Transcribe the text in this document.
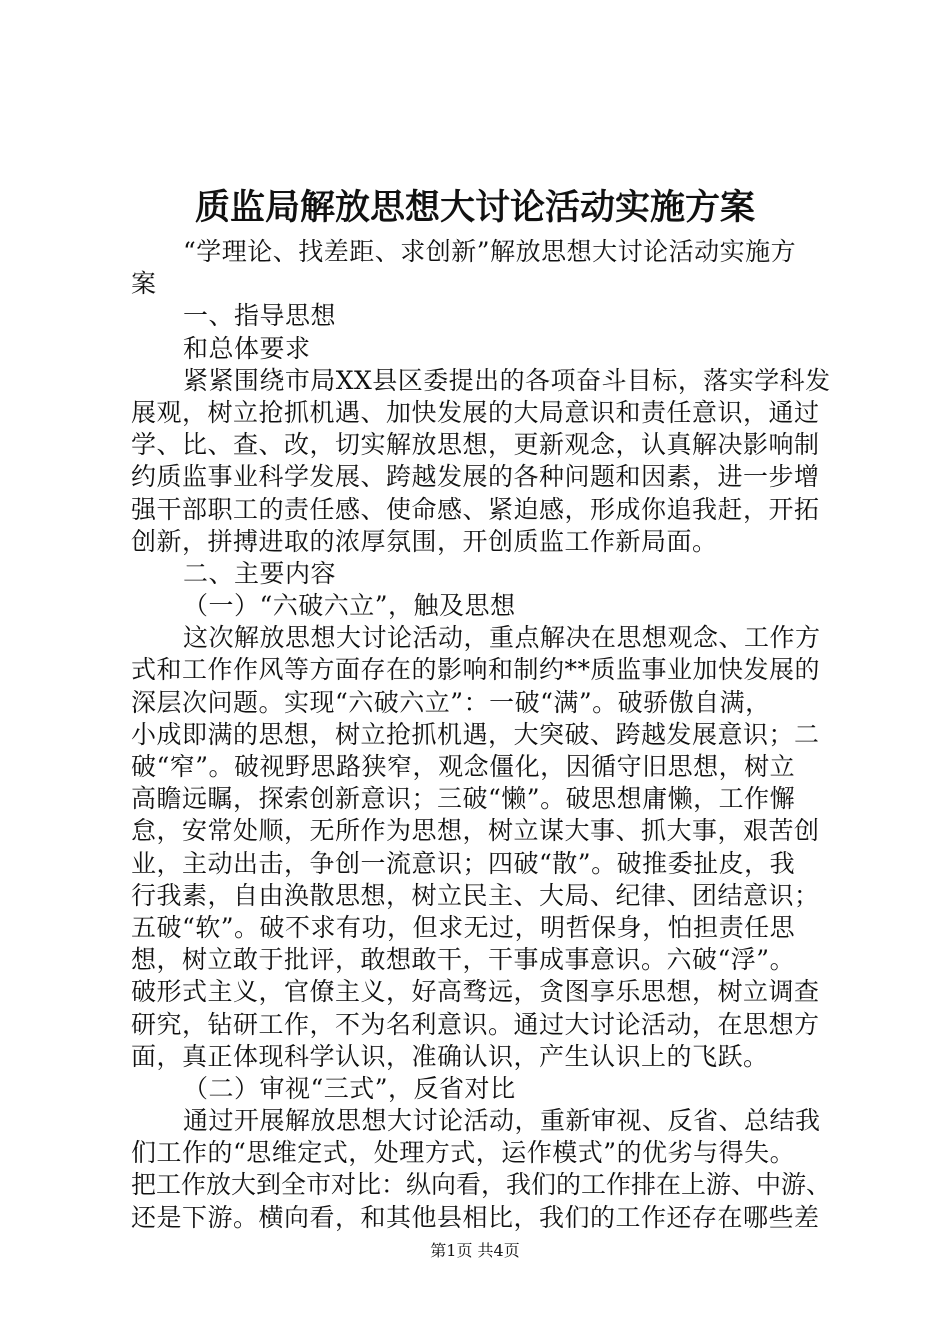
质监局解放思想大讨论活动实施方案
“学理论、找差距、求创新”解放思想大讨论活动实施方
案
一、指导思想
和总体要求
紧紧围绕市局XX县区委提出的各项奋斗目标，落实学科发
展观，树立抢抓机遇、加快发展的大局意识和责任意识，通过
学、比、查、改，切实解放思想，更新观念，认真解决影响制
约质监事业科学发展、跨越发展的各种问题和因素，进一步增
强干部职工的责任感、使命感、紧迫感，形成你追我赶，开拓
创新，拼搏进取的浓厚氛围，开创质监工作新局面。
二、主要内容
（一）“六破六立”，触及思想
这次解放思想大讨论活动，重点解决在思想观念、工作方
式和工作作风等方面存在的影响和制约**质监事业加快发展的
深层次问题。实现“六破六立”：一破“满”。破骄傲自满，
小成即满的思想，树立抢抓机遇，大突破、跨越发展意识；二
破“窄”。破视野思路狭窄，观念僵化，因循守旧思想，树立
高瞻远瞩，探索创新意识；三破“懒”。破思想庸懒，工作懈
怠，安常处顺，无所作为思想，树立谋大事、抓大事，艰苦创
业，主动出击，争创一流意识；四破“散”。破推委扯皮，我
行我素，自由涣散思想，树立民主、大局、纪律、团结意识；
五破“软”。破不求有功，但求无过，明哲保身，怕担责任思
想，树立敢于批评，敢想敢干，干事成事意识。六破“浮”。
破形式主义，官僚主义，好高骛远，贪图享乐思想，树立调查
研究，钻研工作，不为名利意识。通过大讨论活动，在思想方
面，真正体现科学认识，准确认识，产生认识上的飞跃。
（二）审视“三式”，反省对比
通过开展解放思想大讨论活动，重新审视、反省、总结我
们工作的“思维定式，处理方式，运作模式”的优劣与得失。
把工作放大到全市对比：纵向看，我们的工作排在上游、中游、
还是下游。横向看，和其他县相比，我们的工作还存在哪些差
第1页 共4页
